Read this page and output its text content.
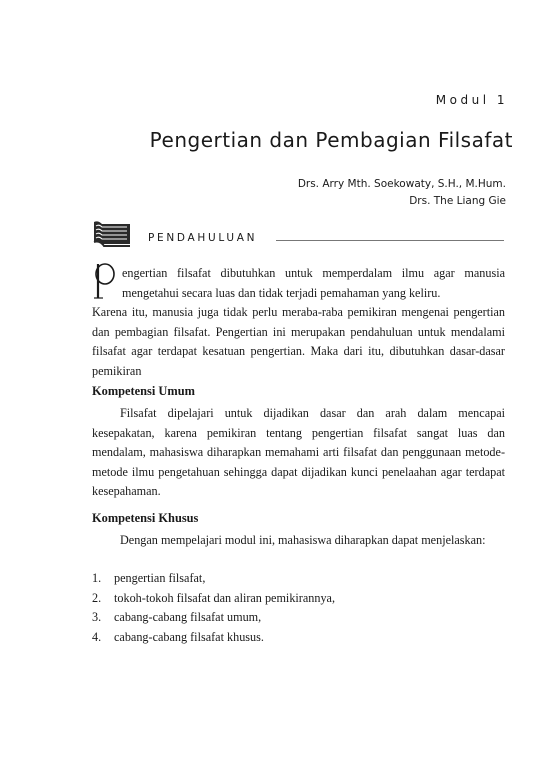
Modul 1
Pengertian dan Pembagian Filsafat
Drs. Arry Mth. Soekowaty, S.H., M.Hum.
Drs. The Liang Gie
PENDAHULUAN
P
engertian filsafat dibutuhkan untuk memperdalam ilmu agar manusia
mengetahui secara luas dan tidak terjadi pemahaman yang keliru.
Karena itu, manusia juga tidak perlu meraba-raba pemikiran mengenai pengertian dan pembagian filsafat. Pengertian ini merupakan pendahuluan untuk mendalami filsafat agar terdapat kesatuan pengertian. Maka dari itu, dibutuhkan dasar-dasar pemikiran
Kompetensi Umum
Filsafat dipelajari untuk dijadikan dasar dan arah dalam mencapai kesepakatan, karena pemikiran tentang pengertian filsafat sangat luas dan mendalam, mahasiswa diharapkan memahami arti filsafat dan penggunaan metode-metode ilmu pengetahuan sehingga dapat dijadikan kunci penelaahan agar terdapat kesepahaman.
Kompetensi Khusus
Dengan mempelajari modul ini, mahasiswa diharapkan dapat menjelaskan:
1.	pengertian filsafat,
2.	tokoh-tokoh filsafat dan aliran pemikirannya,
3.	cabang-cabang filsafat umum,
4.	cabang-cabang filsafat khusus.
